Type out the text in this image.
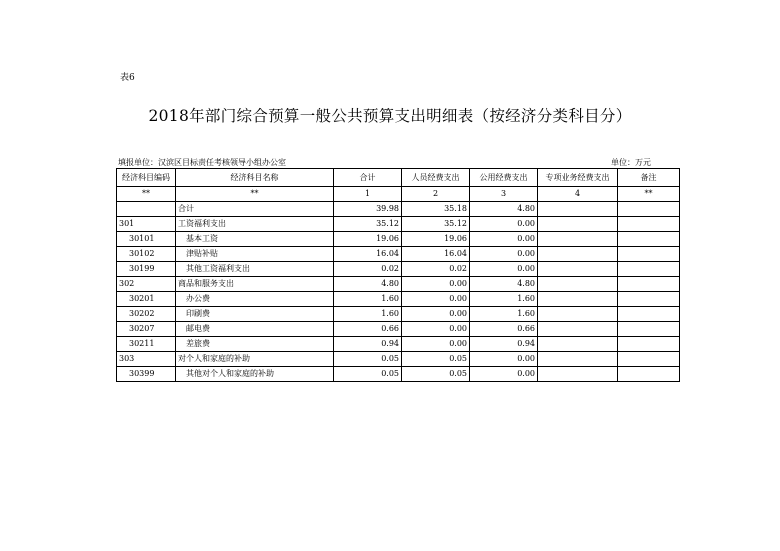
表6
2018年部门综合预算一般公共预算支出明细表（按经济分类科目分）
填报单位：汉滨区目标责任考核领导小组办公室	单位：万元
经济科目编码	经济科目名称	合计	人员经费支出	公用经费支出	专项业务经费支出	备注
**	**	1	2	3	4	**
	合计	39.98	35.18	4.80		
301	工资福利支出	35.12	35.12	0.00		
30101	基本工资	19.06	19.06	0.00		
30102	津贴补贴	16.04	16.04	0.00		
30199	其他工资福利支出	0.02	0.02	0.00		
302	商品和服务支出	4.80	0.00	4.80		
30201	办公费	1.60	0.00	1.60		
30202	印刷费	1.60	0.00	1.60		
30207	邮电费	0.66	0.00	0.66		
30211	差旅费	0.94	0.00	0.94		
303	对个人和家庭的补助	0.05	0.05	0.00		
30399	其他对个人和家庭的补助	0.05	0.05	0.00		
